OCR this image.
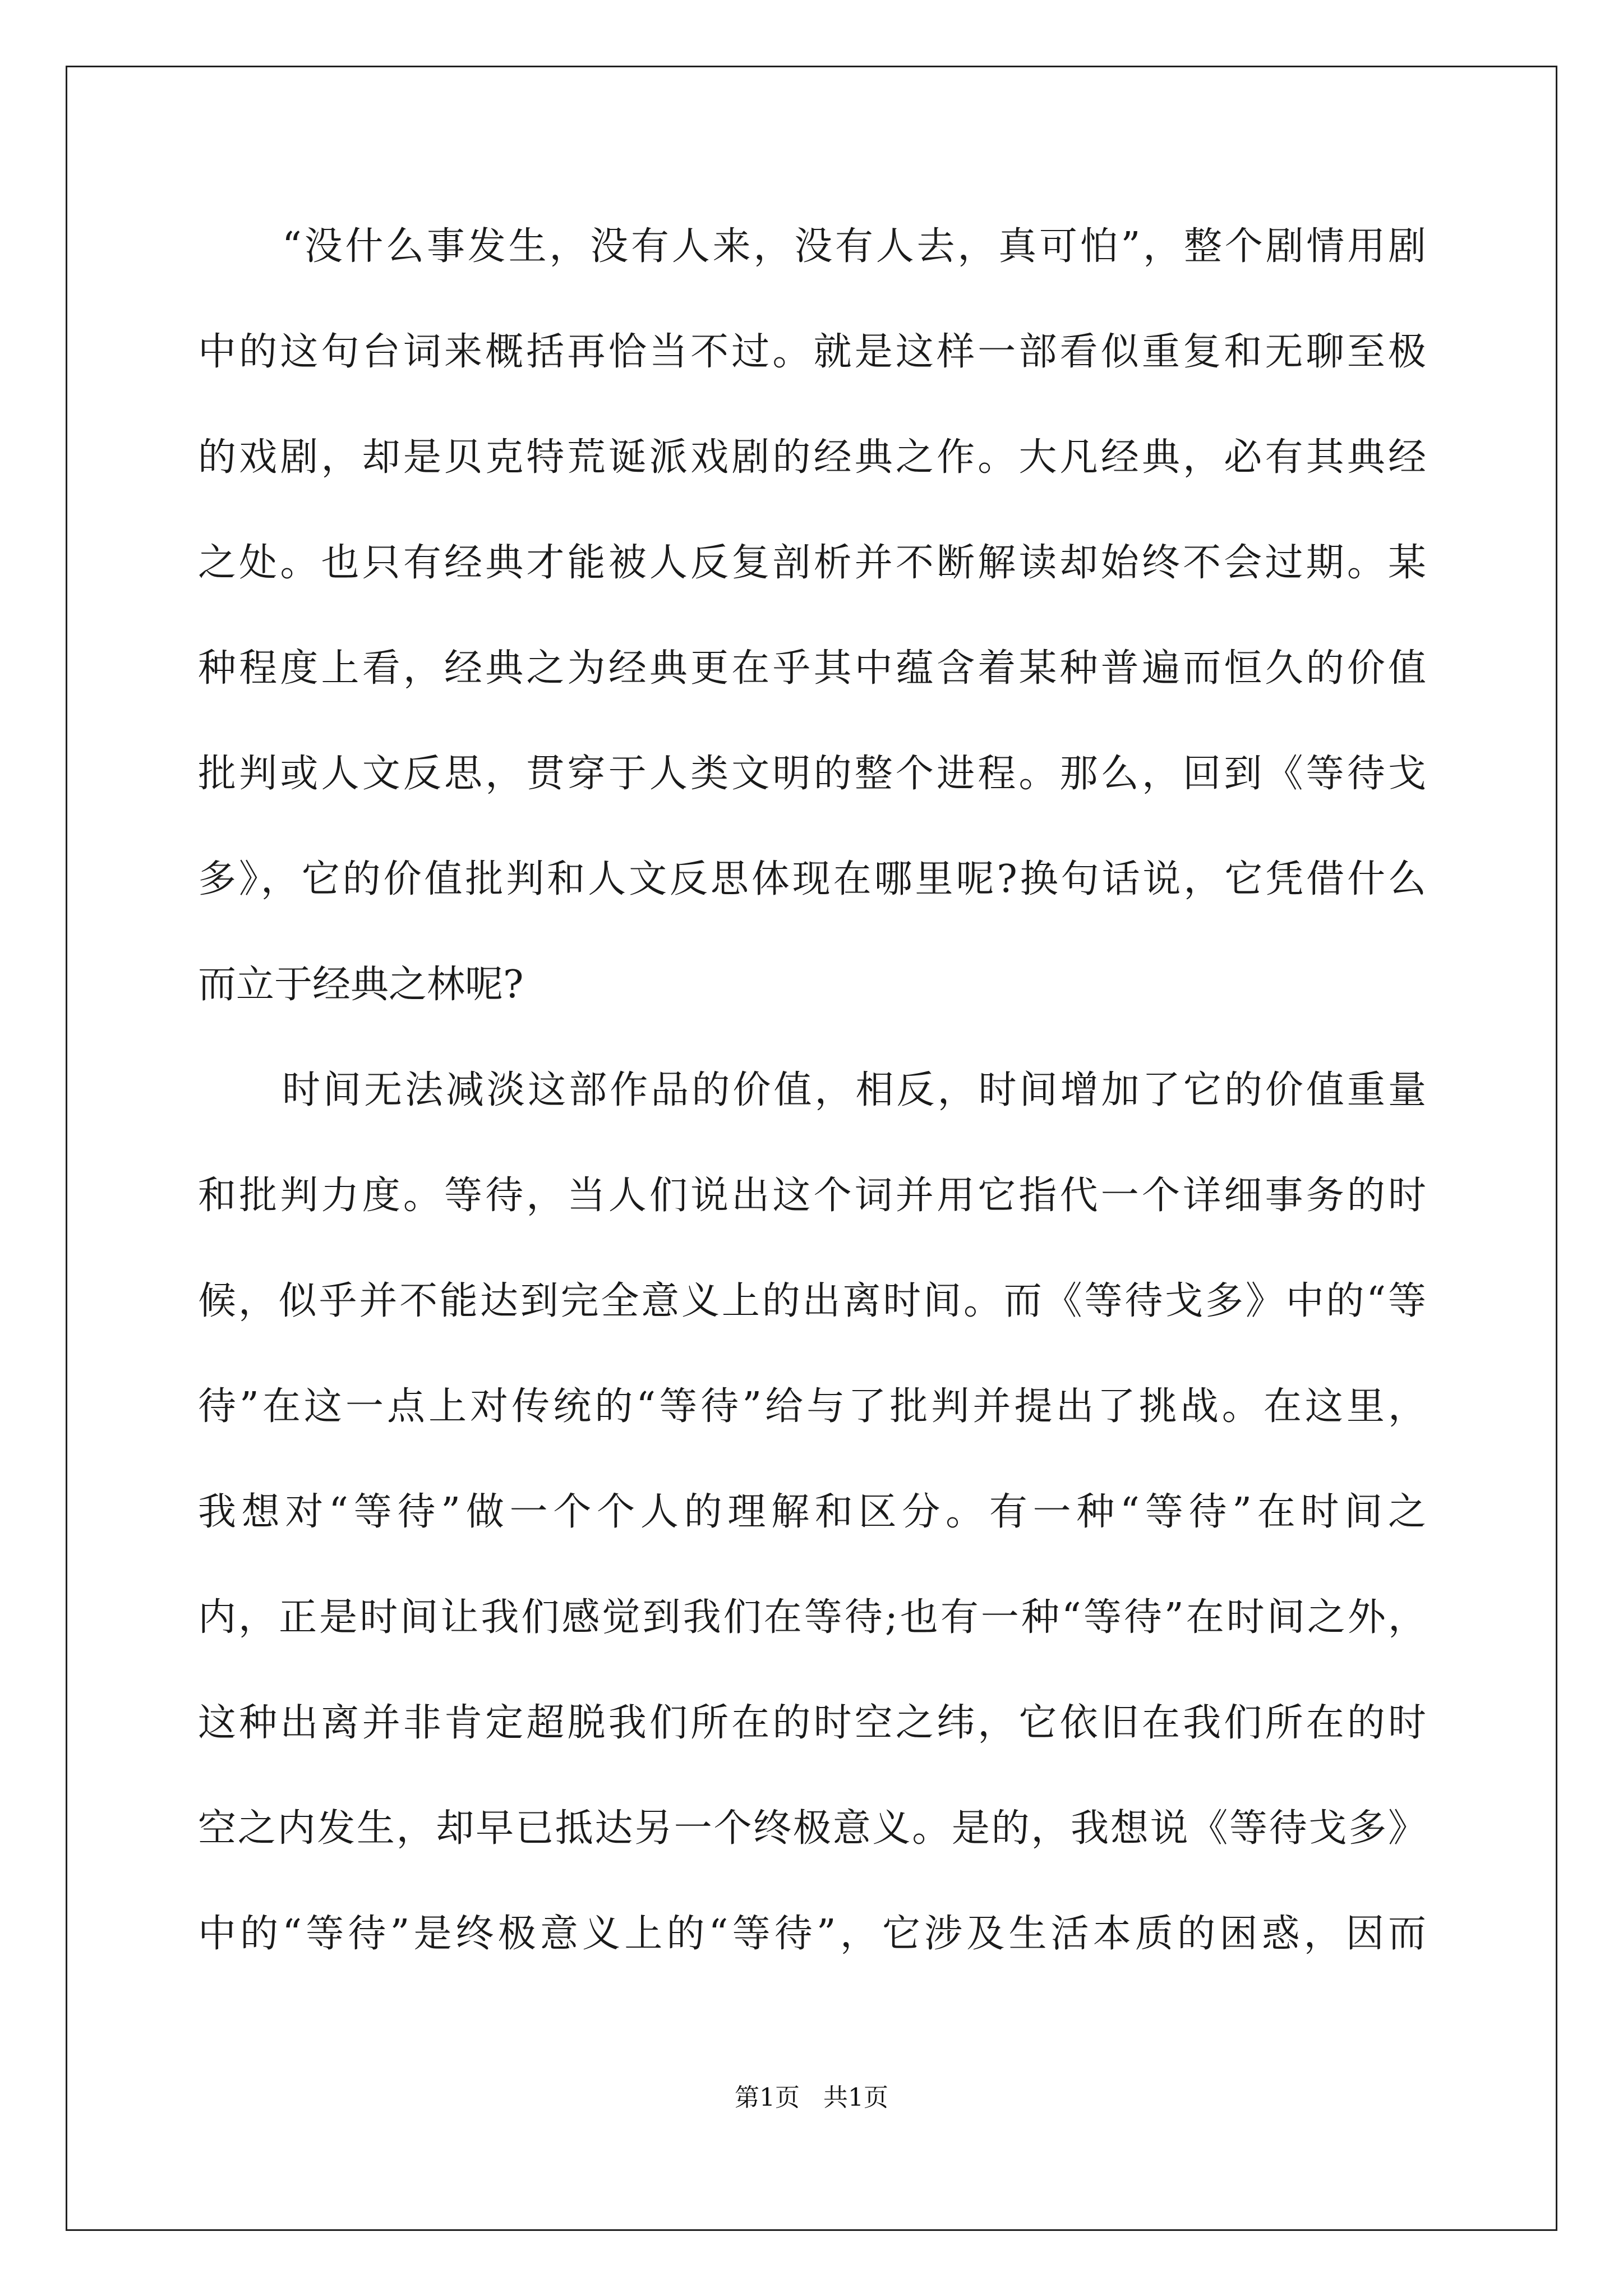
“没什么事发生，没有人来，没有人去，真可怕”，整个剧情用剧
中的这句台词来概括再恰当不过。就是这样一部看似重复和无聊至极
的戏剧，却是贝克特荒诞派戏剧的经典之作。大凡经典，必有其典经
之处。也只有经典才能被人反复剖析并不断解读却始终不会过期。某
种程度上看，经典之为经典更在乎其中蕴含着某种普遍而恒久的价值
批判或人文反思，贯穿于人类文明的整个进程。那么，回到《等待戈
多》，它的价值批判和人文反思体现在哪里呢?换句话说，它凭借什么
而立于经典之林呢?
时间无法减淡这部作品的价值，相反，时间增加了它的价值重量
和批判力度。等待，当人们说出这个词并用它指代一个详细事务的时
候，似乎并不能达到完全意义上的出离时间。而《等待戈多》中的“等
待”在这一点上对传统的“等待”给与了批判并提出了挑战。在这里，
我想对“等待”做一个个人的理解和区分。有一种“等待”在时间之
内，正是时间让我们感觉到我们在等待;也有一种“等待”在时间之外，
这种出离并非肯定超脱我们所在的时空之纬，它依旧在我们所在的时
空之内发生，却早已抵达另一个终极意义。是的，我想说《等待戈多》
中的“等待”是终极意义上的“等待”，它涉及生活本质的困惑，因而
第1页   共1页
